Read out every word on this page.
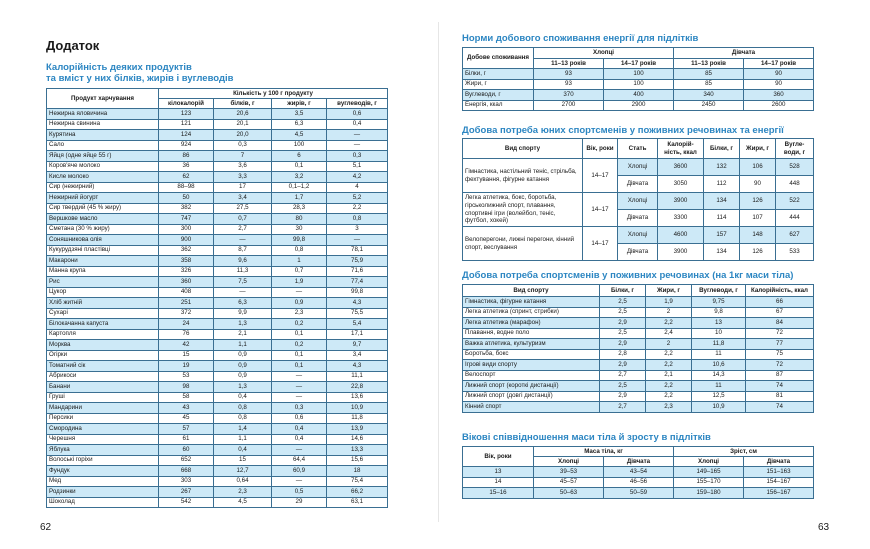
Додаток
Калорійність деяких продуктів
та вміст у них білків, жирів і вуглеводів
Продукт харчування	Кількість у 100 г продукту			
	кілокалорій	білків, г	жирів, г	вуглеводів, г
Нежирна яловичина	123	20,6	3,5	0,6
Нежирна свинина	121	20,1	6,3	0,4
Курятина	124	20,0	4,5	—
Сало	924	0,3	100	—
Яйця (одне яйце 55 г)	86	7	6	0,3
Коров'яче молоко	36	3,6	0,1	5,1
Кисле молоко	62	3,3	3,2	4,2
Сир (нежирний)	88–98	17	0,1–1,2	4
Нежирний йогурт	50	3,4	1,7	5,2
Сир твердий (45 % жиру)	382	27,5	28,3	2,2
Вершкове масло	747	0,7	80	0,8
Сметана (30 % жиру)	300	2,7	30	3
Соняшникова олія	900	—	99,8	—
Кукурудзяні пластівці	362	8,7	0,8	78,1
Макарони	358	9,6	1	75,9
Манна крупа	326	11,3	0,7	71,6
Рис	360	7,5	1,9	77,4
Цукор	408	—	—	99,8
Хліб житній	251	6,3	0,9	4,3
Сухарі	372	9,9	2,3	75,5
Білокачанна капуста	24	1,3	0,2	5,4
Картопля	76	2,1	0,1	17,1
Морква	42	1,1	0,2	9,7
Огірки	15	0,9	0,1	3,4
Томатний сік	19	0,9	0,1	4,3
Абрикоси	53	0,9	—	11,1
Банани	98	1,3	—	22,8
Груші	58	0,4	—	13,6
Мандарини	43	0,8	0,3	10,9
Персики	45	0,8	0,6	11,8
Смородина	57	1,4	0,4	13,9
Черешня	61	1,1	0,4	14,6
Яблука	60	0,4	—	13,3
Волоські горіхи	652	15	64,4	15,6
Фундук	668	12,7	60,9	18
Мед	303	0,64	—	75,4
Родзинки	267	2,3	0,5	66,2
Шоколад	542	4,5	29	63,1
62
Норми добового споживання енергії для підлітків
Добове споживання	Хлопці		Дівчата	
	11–13 років	14–17 років	11–13 років	14–17 років
Білки, г	93	100	85	90
Жири, г	93	100	85	90
Вуглеводи, г	370	400	340	360
Енергія, ккал	2700	2900	2450	2600
Добова потреба юних спортсменів у поживних речовинах та енергії
Вид спорту	Вік, роки	Стать	Калорій-ність, ккал	Білки, г	Жири, г	Вугле-води, г
Гімнастика, настільний теніс, стрільба, фехтування, фігурне катання	14–17	Хлопці	3600	132	106	528
		Дівчата	3050	112	90	448
Легка атлетика, бокс, боротьба, гірськолижний спорт, плавання, спортивні ігри (волейбол, теніс, футбол, хокей)	14–17	Хлопці	3900	134	126	522
		Дівчата	3300	114	107	444
Велоперегони, лижні перегони, кінний спорт, веслування	14–17	Хлопці	4600	157	148	627
		Дівчата	3900	134	126	533
Добова потреба спортсменів у поживних речовинах (на 1кг маси тіла)
Вид спорту	Білки, г	Жири, г	Вуглеводи, г	Калорійність, ккал
Гімнастика, фігурне катання	2,5	1,9	9,75	66
Легка атлетика (спринт, стрибки)	2,5	2	9,8	67
Легка атлетика (марафон)	2,9	2,2	13	84
Плавання, водне поло	2,5	2,4	10	72
Важка атлетика, культуризм	2,9	2	11,8	77
Боротьба, бокс	2,8	2,2	11	75
Ігрові види спорту	2,9	2,2	10,6	72
Велоспорт	2,7	2,1	14,3	87
Лижний спорт (короткі дистанції)	2,5	2,2	11	74
Лижний спорт (довгі дистанції)	2,9	2,2	12,5	81
Кінний спорт	2,7	2,3	10,9	74
Вікові співвідношення маси тіла й зросту в підлітків
Вік, роки	Маса тіла, кг		Зріст, см	
	Хлопці	Дівчата	Хлопці	Дівчата
13	39–53	43–54	149–165	151–163
14	45–57	46–56	155–170	154–167
15–16	50–63	50–59	159–180	156–167
63
